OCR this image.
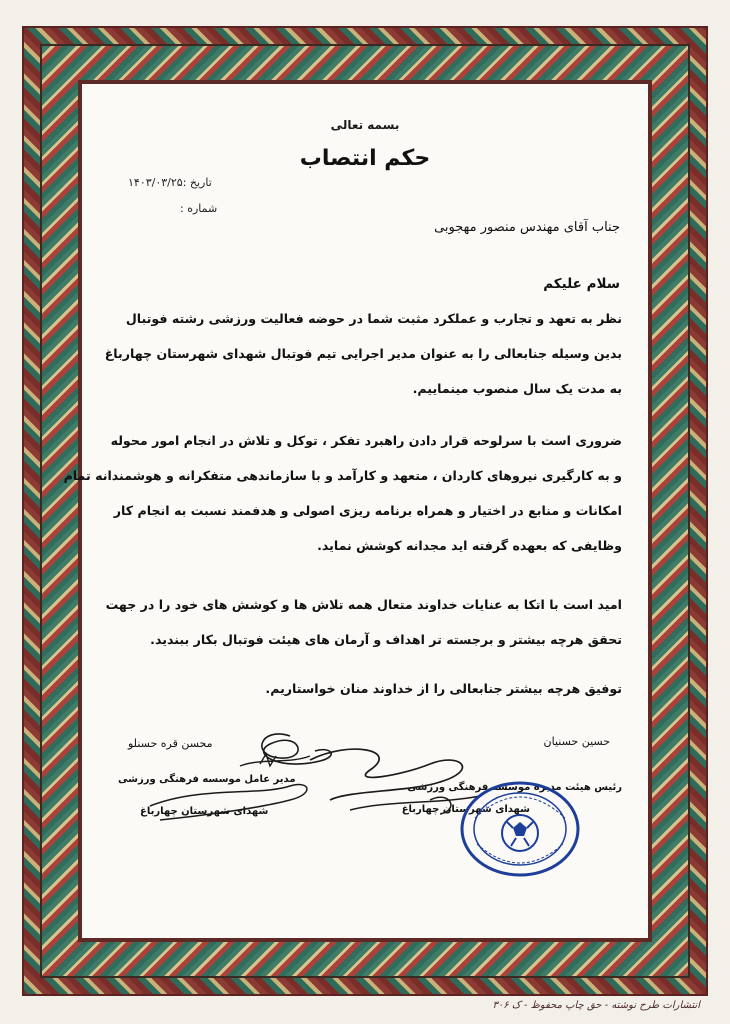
انتشارات طرح نوشته - حق چاپ محفوظ - ک ۳۰۶
بسمه تعالی
حکم انتصاب
تاریخ :۱۴۰۳/۰۳/۲۵
شماره :
جناب آقای مهندس منصور مهجوبی
سلام علیکم
نظر به تعهد و تجارب و عملکرد مثبت شما در حوضه فعالیت ورزشی رشته فوتبال
بدین وسیله جنابعالی را به عنوان مدیر اجرایی تیم فوتبال شهدای شهرستان چهارباغ
به مدت یک سال منصوب مینماییم.
ضروری است با سرلوحه قرار دادن راهبرد تفکر ، توکل و تلاش در انجام امور محوله
و به کارگیری نیروهای کاردان ، متعهد و کارآمد و با سازماندهی متفکرانه و هوشمندانه تمام
امکانات و منابع در اختیار و همراه برنامه ریزی اصولی و هدفمند نسبت به انجام کار
وظایفی که بعهده گرفته اید مجدانه کوشش نماید.
امید است با اتکا به عنایات خداوند متعال همه تلاش ها و کوشش های خود را در جهت
تحقق هرچه بیشتر و برجسته تر اهداف و آرمان های هیئت فوتبال بکار ببندید.
توفیق هرچه بیشتر جنابعالی را از خداوند منان خواستاریم.
حسین حسنیان
رئیس هیئت مدیره موسسه فرهنگی ورزشی
شهدای شهرستان چهارباغ
محسن قره حسنلو
مدیر عامل موسسه فرهنگی ورزشی
شهدای شهرستان چهارباغ
